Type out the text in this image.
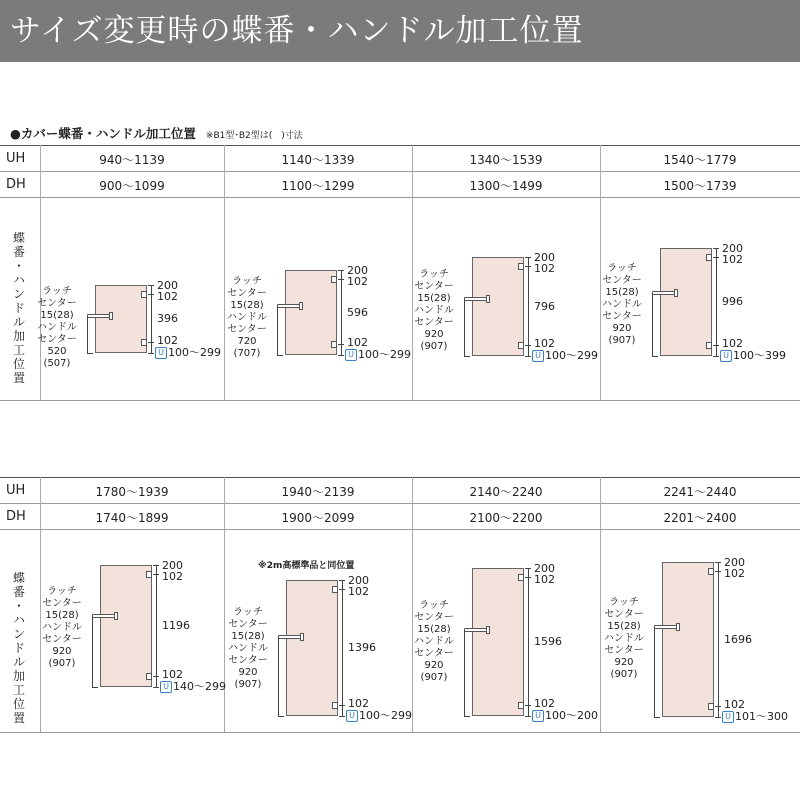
サイズ変更時の蝶番・ハンドル加工位置
●カバー蝶番・ハンドル加工位置 ※B1型･B2型は(　)寸法
UH
DH
蝶
番
･
ハ
ン
ド
ル
加
工
位
置
940～1139
900～1099
1140～1339
1100～1299
1340～1539
1300～1499
1540～1779
1500～1739
UH
DH
蝶
番
･
ハ
ン
ド
ル
加
工
位
置
1780～1939
1740～1899
1940～2139
1900～2099
2140～2240
2100～2200
2241～2440
2201～2400
200
102
396
102
U 100～299
ラッチ
センター
15(28)
ハンドル
センター
520
(507)
200
102
596
102
U 100～299
ラッチ
センター
15(28)
ハンドル
センター
720
(707)
200
102
796
102
U 100～299
ラッチ
センター
15(28)
ハンドル
センター
920
(907)
200
102
996
102
U 100～399
ラッチ
センター
15(28)
ハンドル
センター
920
(907)
200
102
1196
102
U 140～299
ラッチ
センター
15(28)
ハンドル
センター
920
(907)
200
102
1396
102
U 100～299
ラッチ
センター
15(28)
ハンドル
センター
920
(907)
※2m高標準品と同位置	200
102
1596
102
U 100～200
ラッチ
センター
15(28)
ハンドル
センター
920
(907)
200
102
1696
102
U 101～300
ラッチ
センター
15(28)
ハンドル
センター
920
(907)
